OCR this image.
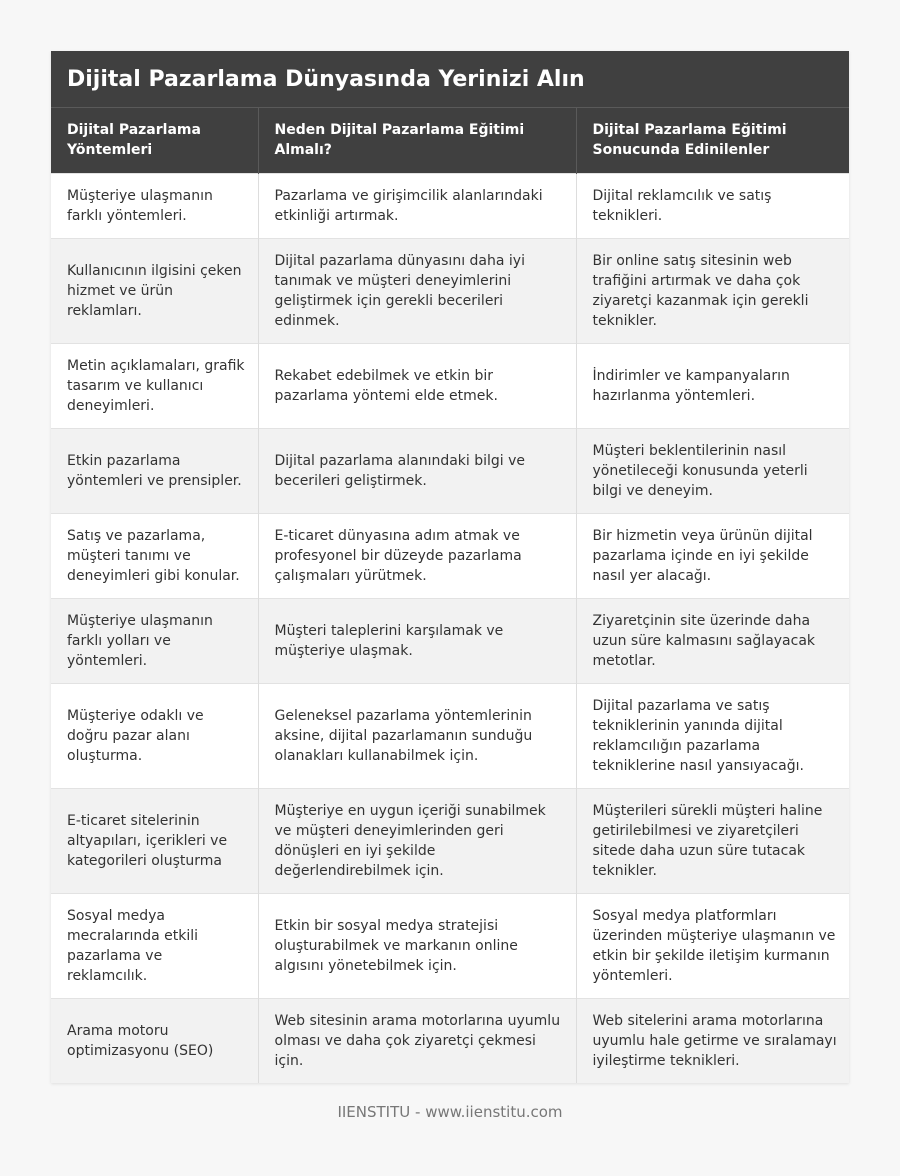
Dijital Pazarlama Dünyasında Yerinizi Alın
Dijital Pazarlama Yöntemleri	Neden Dijital Pazarlama Eğitimi Almalı?	Dijital Pazarlama Eğitimi Sonucunda Edinilenler
Müşteriye ulaşmanın farklı yöntemleri.	Pazarlama ve girişimcilik alanlarındaki etkinliği artırmak.	Dijital reklamcılık ve satış teknikleri.
Kullanıcının ilgisini çeken hizmet ve ürün reklamları.	Dijital pazarlama dünyasını daha iyi tanımak ve müşteri deneyimlerini geliştirmek için gerekli becerileri edinmek.	Bir online satış sitesinin web trafiğini artırmak ve daha çok ziyaretçi kazanmak için gerekli teknikler.
Metin açıklamaları, grafik tasarım ve kullanıcı deneyimleri.	Rekabet edebilmek ve etkin bir pazarlama yöntemi elde etmek.	İndirimler ve kampanyaların hazırlanma yöntemleri.
Etkin pazarlama yöntemleri ve prensipler.	Dijital pazarlama alanındaki bilgi ve becerileri geliştirmek.	Müşteri beklentilerinin nasıl yönetileceği konusunda yeterli bilgi ve deneyim.
Satış ve pazarlama, müşteri tanımı ve deneyimleri gibi konular.	E-ticaret dünyasına adım atmak ve profesyonel bir düzeyde pazarlama çalışmaları yürütmek.	Bir hizmetin veya ürünün dijital pazarlama içinde en iyi şekilde nasıl yer alacağı.
Müşteriye ulaşmanın farklı yolları ve yöntemleri.	Müşteri taleplerini karşılamak ve müşteriye ulaşmak.	Ziyaretçinin site üzerinde daha uzun süre kalmasını sağlayacak metotlar.
Müşteriye odaklı ve doğru pazar alanı oluşturma.	Geleneksel pazarlama yöntemlerinin aksine, dijital pazarlamanın sunduğu olanakları kullanabilmek için.	Dijital pazarlama ve satış tekniklerinin yanında dijital reklamcılığın pazarlama tekniklerine nasıl yansıyacağı.
E-ticaret sitelerinin altyapıları, içerikleri ve kategorileri oluşturma	Müşteriye en uygun içeriği sunabilmek ve müşteri deneyimlerinden geri dönüşleri en iyi şekilde değerlendirebilmek için.	Müşterileri sürekli müşteri haline getirilebilmesi ve ziyaretçileri sitede daha uzun süre tutacak teknikler.
Sosyal medya mecralarında etkili pazarlama ve reklamcılık.	Etkin bir sosyal medya stratejisi oluşturabilmek ve markanın online algısını yönetebilmek için.	Sosyal medya platformları üzerinden müşteriye ulaşmanın ve etkin bir şekilde iletişim kurmanın yöntemleri.
Arama motoru optimizasyonu (SEO)	Web sitesinin arama motorlarına uyumlu olması ve daha çok ziyaretçi çekmesi için.	Web sitelerini arama motorlarına uyumlu hale getirme ve sıralamayı iyileştirme teknikleri.
IIENSTITU - www.iienstitu.com
